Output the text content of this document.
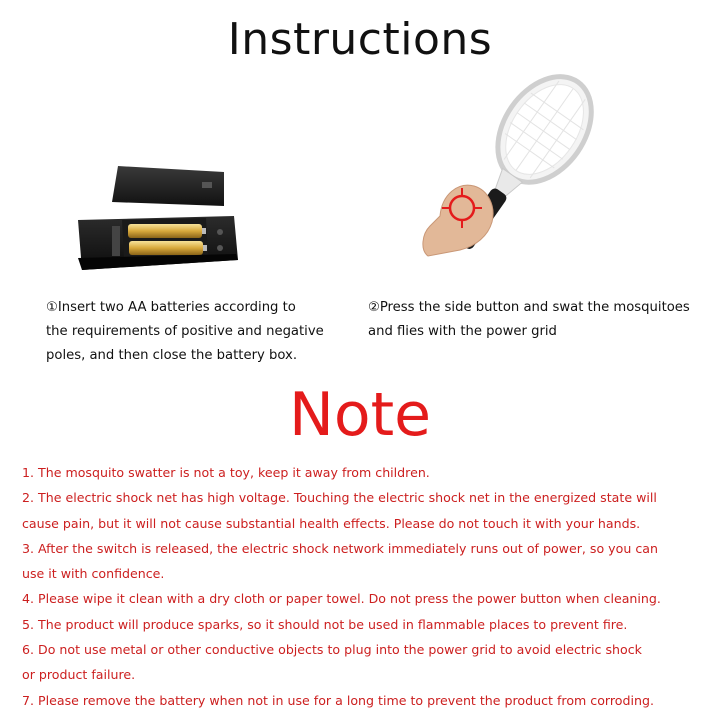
Instructions
①Insert two AA batteries according to
the requirements of positive and negative
poles, and then close the battery box.
②Press the side button and swat the mosquitoes
and flies with the power grid
Note
1. The mosquito swatter is not a toy, keep it away from children.
2. The electric shock net has high voltage. Touching the electric shock net in the energized state will
cause pain, but it will not cause substantial health effects. Please do not touch it with your hands.
3. After the switch is released, the electric shock network immediately runs out of power, so you can
use it with confidence.
4. Please wipe it clean with a dry cloth or paper towel. Do not press the power button when cleaning.
5. The product will produce sparks, so it should not be used in flammable places to prevent fire.
6. Do not use metal or other conductive objects to plug into the power grid to avoid electric shock
or product failure.
7. Please remove the battery when not in use for a long time to prevent the product from corroding.
